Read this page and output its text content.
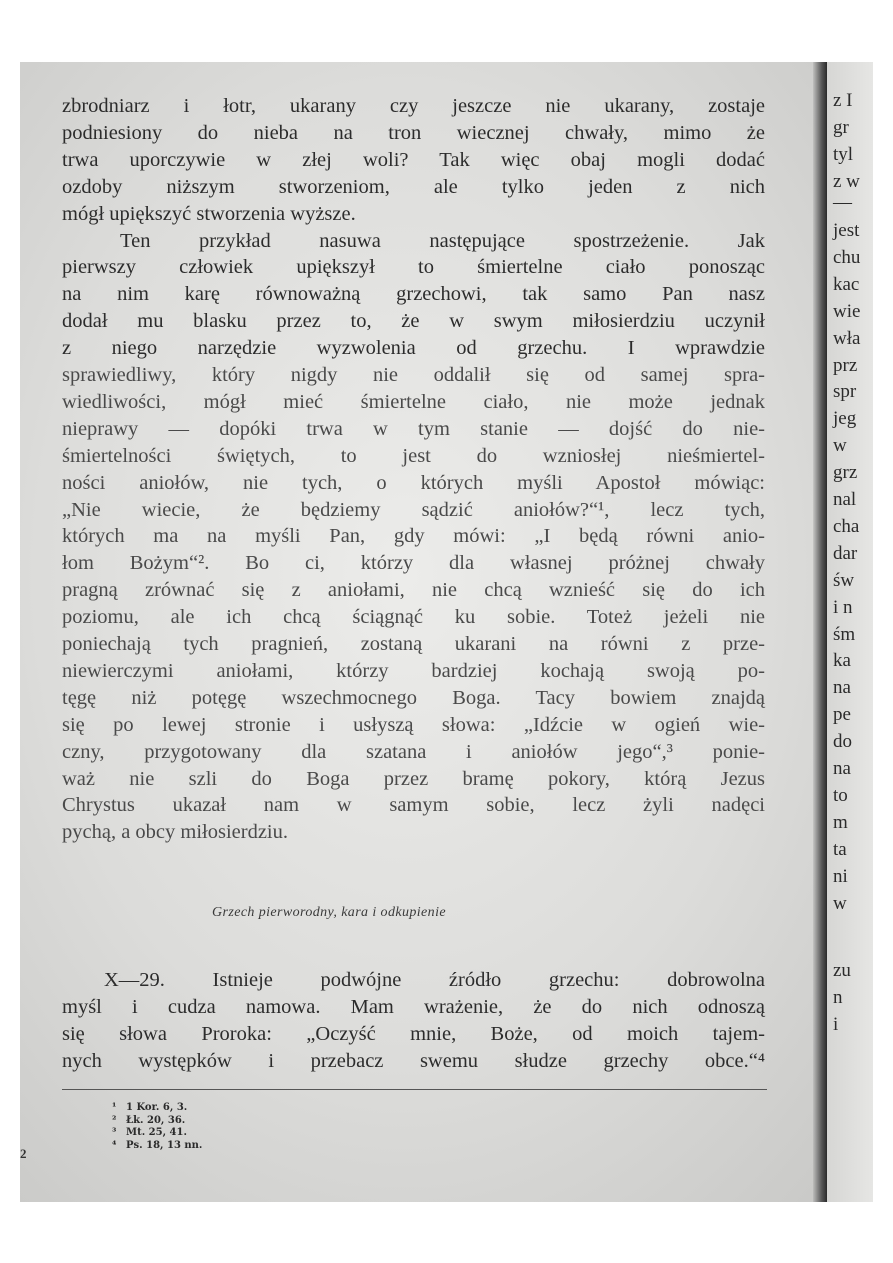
zbrodniarz i łotr, ukarany czy jeszcze nie ukarany, zostaje
podniesiony do nieba na tron wiecznej chwały, mimo że
trwa uporczywie w złej woli? Tak więc obaj mogli dodać
ozdoby niższym stworzeniom, ale tylko jeden z nich
mógł upiększyć stworzenia wyższe.
Ten przykład nasuwa następujące spostrzeżenie. Jak
pierwszy człowiek upiększył to śmiertelne ciało ponosząc
na nim karę równoważną grzechowi, tak samo Pan nasz
dodał mu blasku przez to, że w swym miłosierdziu uczynił
z niego narzędzie wyzwolenia od grzechu. I wprawdzie
sprawiedliwy, który nigdy nie oddalił się od samej spra-
wiedliwości, mógł mieć śmiertelne ciało, nie może jednak
nieprawy — dopóki trwa w tym stanie — dojść do nie-
śmiertelności świętych, to jest do wzniosłej nieśmiertel-
ności aniołów, nie tych, o których myśli Apostoł mówiąc:
„Nie wiecie, że będziemy sądzić aniołów?“¹, lecz tych,
których ma na myśli Pan, gdy mówi: „I będą równi anio-
łom Bożym“². Bo ci, którzy dla własnej próżnej chwały
pragną zrównać się z aniołami, nie chcą wznieść się do ich
poziomu, ale ich chcą ściągnąć ku sobie. Toteż jeżeli nie
poniechają tych pragnień, zostaną ukarani na równi z prze-
niewierczymi aniołami, którzy bardziej kochają swoją po-
tęgę niż potęgę wszechmocnego Boga. Tacy bowiem znajdą
się po lewej stronie i usłyszą słowa: „Idźcie w ogień wie-
czny, przygotowany dla szatana i aniołów jego“,³ ponie-
waż nie szli do Boga przez bramę pokory, którą Jezus
Chrystus ukazał nam w samym sobie, lecz żyli nadęci
pychą, a obcy miłosierdziu.
Grzech pierworodny, kara i odkupienie
X—29. Istnieje podwójne źródło grzechu: dobrowolna
myśl i cudza namowa. Mam wrażenie, że do nich odnoszą
się słowa Proroka: „Oczyść mnie, Boże, od moich tajem-
nych występków i przebacz swemu słudze grzechy obce.“⁴
¹ 1 Kor. 6, 3.
² Łk. 20, 36.
³ Mt. 25, 41.
⁴ Ps. 18, 13 nn.
2
z I
gr
tyl
z w
—
jest
chu
kac
wie
wła
prz
spr
jeg
w
grz
nal
cha
dar
św
i n
śm
ka
na
pe
do
na
to
m
ta
ni
w
zu
n
i
